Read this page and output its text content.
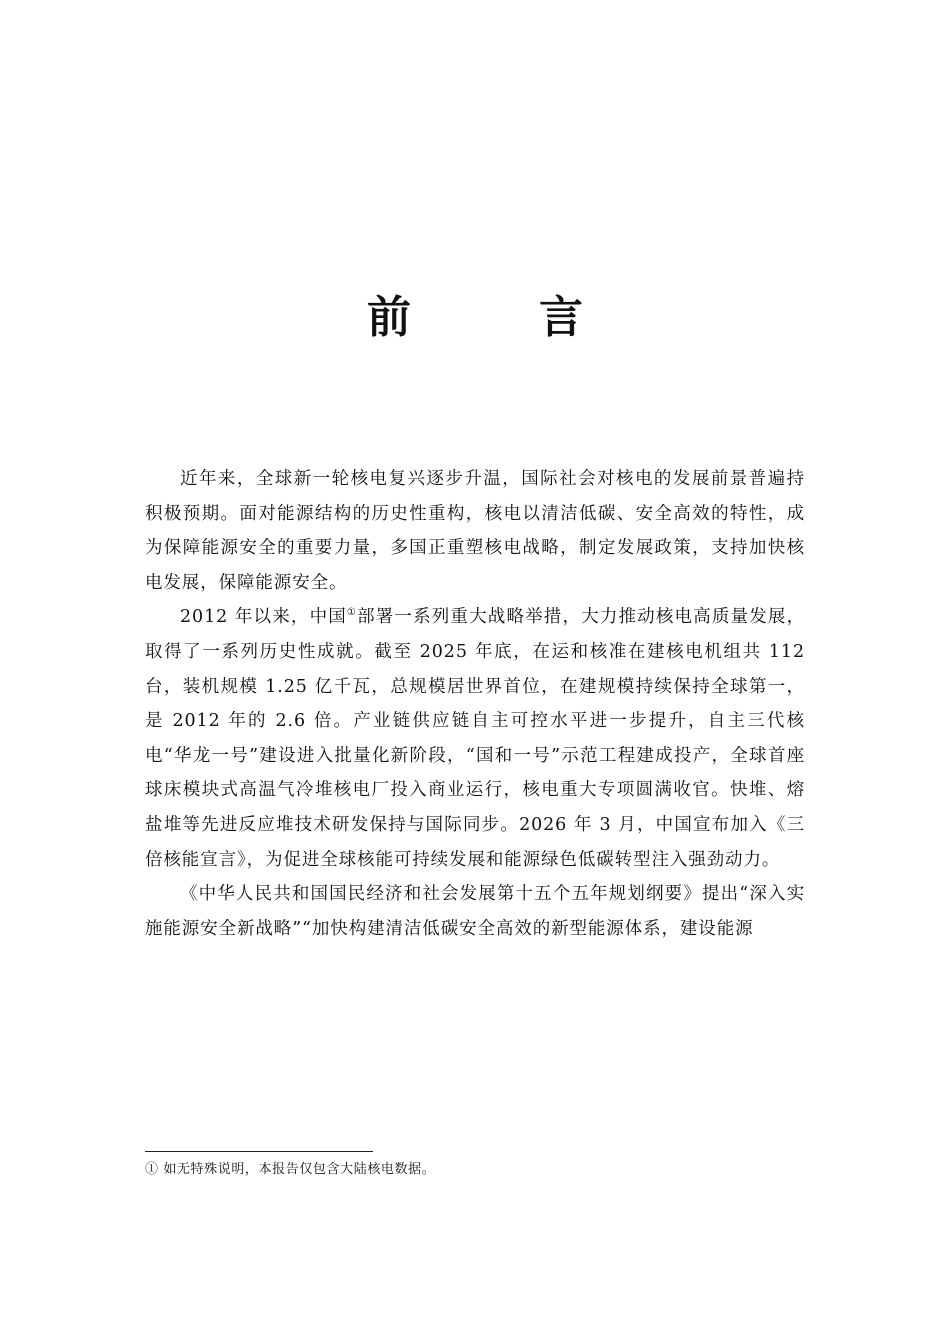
前　言

近年来，全球新一轮核电复兴逐步升温，国际社会对核电的发展前景普遍持积极预期。面对能源结构的历史性重构，核电以清洁低碳、安全高效的特性，成为保障能源安全的重要力量，多国正重塑核电战略，制定发展政策，支持加快核电发展，保障能源安全。

2012 年以来，中国①部署一系列重大战略举措，大力推动核电高质量发展，取得了一系列历史性成就。截至 2025 年底，在运和核准在建核电机组共 112 台，装机规模 1.25 亿千瓦，总规模居世界首位，在建规模持续保持全球第一，是 2012 年的 2.6 倍。产业链供应链自主可控水平进一步提升，自主三代核电“华龙一号”建设进入批量化新阶段，“国和一号”示范工程建成投产，全球首座球床模块式高温气冷堆核电厂投入商业运行，核电重大专项圆满收官。快堆、熔盐堆等先进反应堆技术研发保持与国际同步。2026 年 3 月，中国宣布加入《三倍核能宣言》，为促进全球核能可持续发展和能源绿色低碳转型注入强劲动力。

《中华人民共和国国民经济和社会发展第十五个五年规划纲要》提出“深入实施能源安全新战略”“加快构建清洁低碳安全高效的新型能源体系，建设能源

① 如无特殊说明，本报告仅包含大陆核电数据。
